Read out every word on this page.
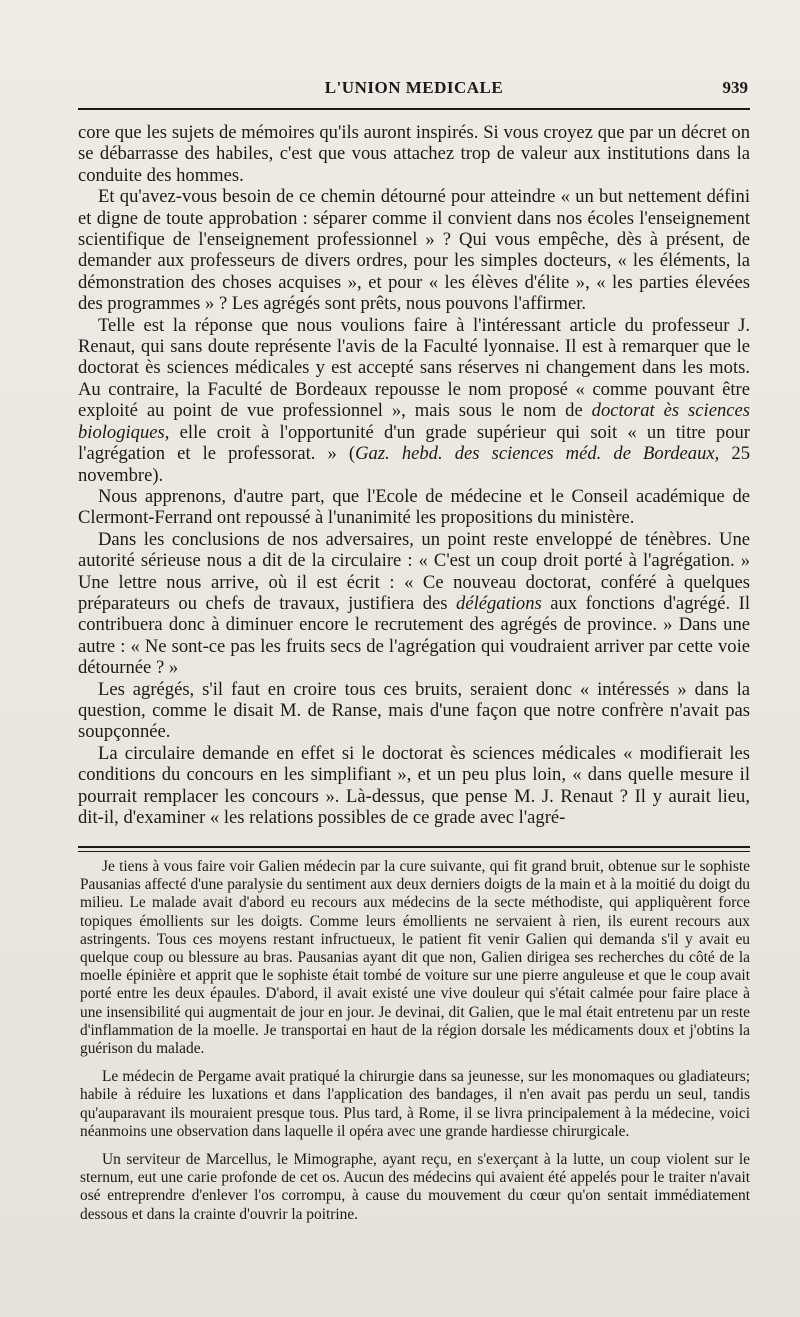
L'UNION MEDICALE	939

core que les sujets de mémoires qu'ils auront inspirés. Si vous croyez que par un décret on se débarrasse des habiles, c'est que vous attachez trop de valeur aux institutions dans la conduite des hommes.

Et qu'avez-vous besoin de ce chemin détourné pour atteindre « un but nettement défini et digne de toute approbation : séparer comme il convient dans nos écoles l'enseignement scientifique de l'enseignement professionnel » ? Qui vous empêche, dès à présent, de demander aux professeurs de divers ordres, pour les simples docteurs, « les éléments, la démonstration des choses acquises », et pour « les élèves d'élite », « les parties élevées des programmes » ? Les agrégés sont prêts, nous pouvons l'affirmer.

Telle est la réponse que nous voulions faire à l'intéressant article du professeur J. Renaut, qui sans doute représente l'avis de la Faculté lyonnaise. Il est à remarquer que le doctorat ès sciences médicales y est accepté sans réserves ni changement dans les mots. Au contraire, la Faculté de Bordeaux repousse le nom proposé « comme pouvant être exploité au point de vue professionnel », mais sous le nom de doctorat ès sciences biologiques, elle croit à l'opportunité d'un grade supérieur qui soit « un titre pour l'agrégation et le professorat. » (Gaz. hebd. des sciences méd. de Bordeaux, 25 novembre).

Nous apprenons, d'autre part, que l'Ecole de médecine et le Conseil académique de Clermont-Ferrand ont repoussé à l'unanimité les propositions du ministère.

Dans les conclusions de nos adversaires, un point reste enveloppé de ténèbres. Une autorité sérieuse nous a dit de la circulaire : « C'est un coup droit porté à l'agrégation. » Une lettre nous arrive, où il est écrit : « Ce nouveau doctorat, conféré à quelques préparateurs ou chefs de travaux, justifiera des délégations aux fonctions d'agrégé. Il contribuera donc à diminuer encore le recrutement des agrégés de province. » Dans une autre : « Ne sont-ce pas les fruits secs de l'agrégation qui voudraient arriver par cette voie détournée ? »

Les agrégés, s'il faut en croire tous ces bruits, seraient donc « intéressés » dans la question, comme le disait M. de Ranse, mais d'une façon que notre confrère n'avait pas soupçonnée.

La circulaire demande en effet si le doctorat ès sciences médicales « modifierait les conditions du concours en les simplifiant », et un peu plus loin, « dans quelle mesure il pourrait remplacer les concours ». Là-dessus, que pense M. J. Renaut ? Il y aurait lieu, dit-il, d'examiner « les relations possibles de ce grade avec l'agré-

Je tiens à vous faire voir Galien médecin par la cure suivante, qui fit grand bruit, obtenue sur le sophiste Pausanias affecté d'une paralysie du sentiment aux deux derniers doigts de la main et à la moitié du doigt du milieu. Le malade avait d'abord eu recours aux médecins de la secte méthodiste, qui appliquèrent force topiques émollients sur les doigts. Comme leurs émollients ne servaient à rien, ils eurent recours aux astringents. Tous ces moyens restant infructueux, le patient fit venir Galien qui demanda s'il y avait eu quelque coup ou blessure au bras. Pausanias ayant dit que non, Galien dirigea ses recherches du côté de la moelle épinière et apprit que le sophiste était tombé de voiture sur une pierre anguleuse et que le coup avait porté entre les deux épaules. D'abord, il avait existé une vive douleur qui s'était calmée pour faire place à une insensibilité qui augmentait de jour en jour. Je devinai, dit Galien, que le mal était entretenu par un reste d'inflammation de la moelle. Je transportai en haut de la région dorsale les médicaments doux et j'obtins la guérison du malade.

Le médecin de Pergame avait pratiqué la chirurgie dans sa jeunesse, sur les monomaques ou gladiateurs; habile à réduire les luxations et dans l'application des bandages, il n'en avait pas perdu un seul, tandis qu'auparavant ils mouraient presque tous. Plus tard, à Rome, il se livra principalement à la médecine, voici néanmoins une observation dans laquelle il opéra avec une grande hardiesse chirurgicale.

Un serviteur de Marcellus, le Mimographe, ayant reçu, en s'exerçant à la lutte, un coup violent sur le sternum, eut une carie profonde de cet os. Aucun des médecins qui avaient été appelés pour le traiter n'avait osé entreprendre d'enlever l'os corrompu, à cause du mouvement du cœur qu'on sentait immédiatement dessous et dans la crainte d'ouvrir la poitrine.
